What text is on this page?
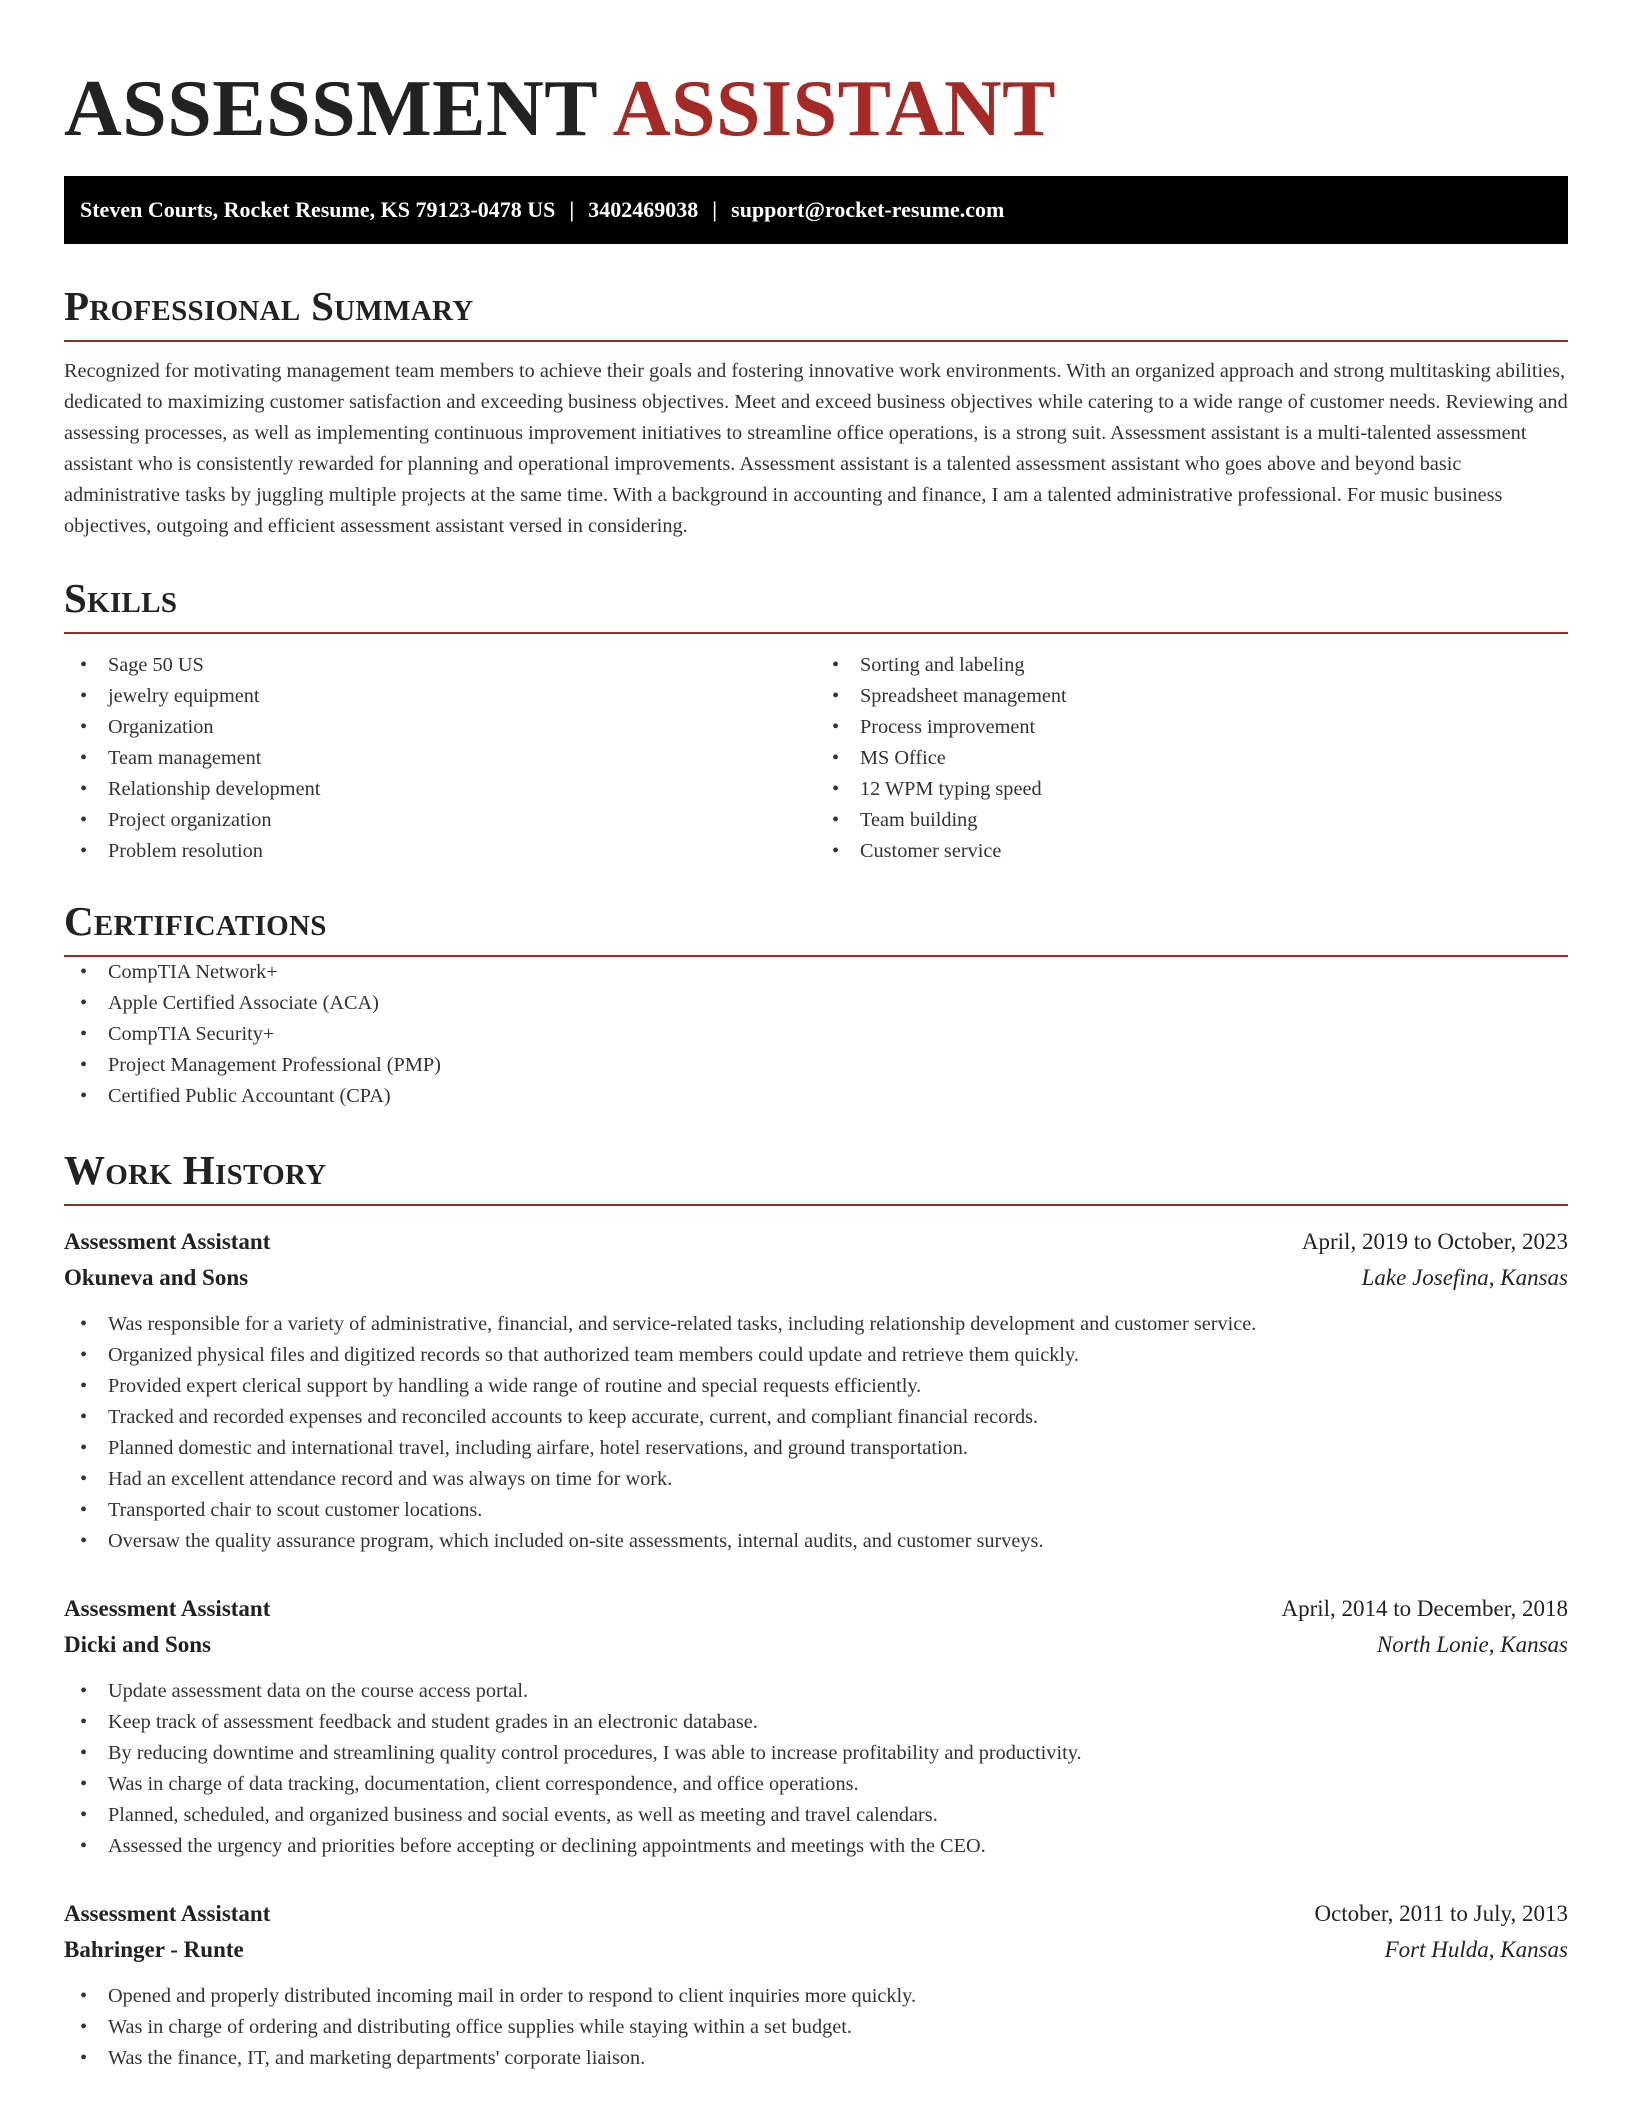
ASSESSMENT ASSISTANT
Steven Courts, Rocket Resume, KS 79123-0478 US | 3402469038 | support@rocket-resume.com
Professional Summary

Recognized for motivating management team members to achieve their goals and fostering innovative work environments. With an organized approach and strong multitasking abilities, dedicated to maximizing customer satisfaction and exceeding business objectives. Meet and exceed business objectives while catering to a wide range of customer needs. Reviewing and assessing processes, as well as implementing continuous improvement initiatives to streamline office operations, is a strong suit. Assessment assistant is a multi-talented assessment assistant who is consistently rewarded for planning and operational improvements. Assessment assistant is a talented assessment assistant who goes above and beyond basic administrative tasks by juggling multiple projects at the same time. With a background in accounting and finance, I am a talented administrative professional. For music business objectives, outgoing and efficient assessment assistant versed in considering.

Skills
• Sage 50 US
• jewelry equipment
• Organization
• Team management
• Relationship development
• Project organization
• Problem resolution
• Sorting and labeling
• Spreadsheet management
• Process improvement
• MS Office
• 12 WPM typing speed
• Team building
• Customer service
Certifications
• CompTIA Network+
• Apple Certified Associate (ACA)
• CompTIA Security+
• Project Management Professional (PMP)
• Certified Public Accountant (CPA)
Work History
Assessment Assistant	April, 2019 to October, 2023
Okuneva and Sons	Lake Josefina, Kansas
• Was responsible for a variety of administrative, financial, and service-related tasks, including relationship development and customer service.
• Organized physical files and digitized records so that authorized team members could update and retrieve them quickly.
• Provided expert clerical support by handling a wide range of routine and special requests efficiently.
• Tracked and recorded expenses and reconciled accounts to keep accurate, current, and compliant financial records.
• Planned domestic and international travel, including airfare, hotel reservations, and ground transportation.
• Had an excellent attendance record and was always on time for work.
• Transported chair to scout customer locations.
• Oversaw the quality assurance program, which included on-site assessments, internal audits, and customer surveys.
Assessment Assistant	April, 2014 to December, 2018
Dicki and Sons	North Lonie, Kansas
• Update assessment data on the course access portal.
• Keep track of assessment feedback and student grades in an electronic database.
• By reducing downtime and streamlining quality control procedures, I was able to increase profitability and productivity.
• Was in charge of data tracking, documentation, client correspondence, and office operations.
• Planned, scheduled, and organized business and social events, as well as meeting and travel calendars.
• Assessed the urgency and priorities before accepting or declining appointments and meetings with the CEO.
Assessment Assistant	October, 2011 to July, 2013
Bahringer - Runte	Fort Hulda, Kansas
• Opened and properly distributed incoming mail in order to respond to client inquiries more quickly.
• Was in charge of ordering and distributing office supplies while staying within a set budget.
• Was the finance, IT, and marketing departments' corporate liaison.
